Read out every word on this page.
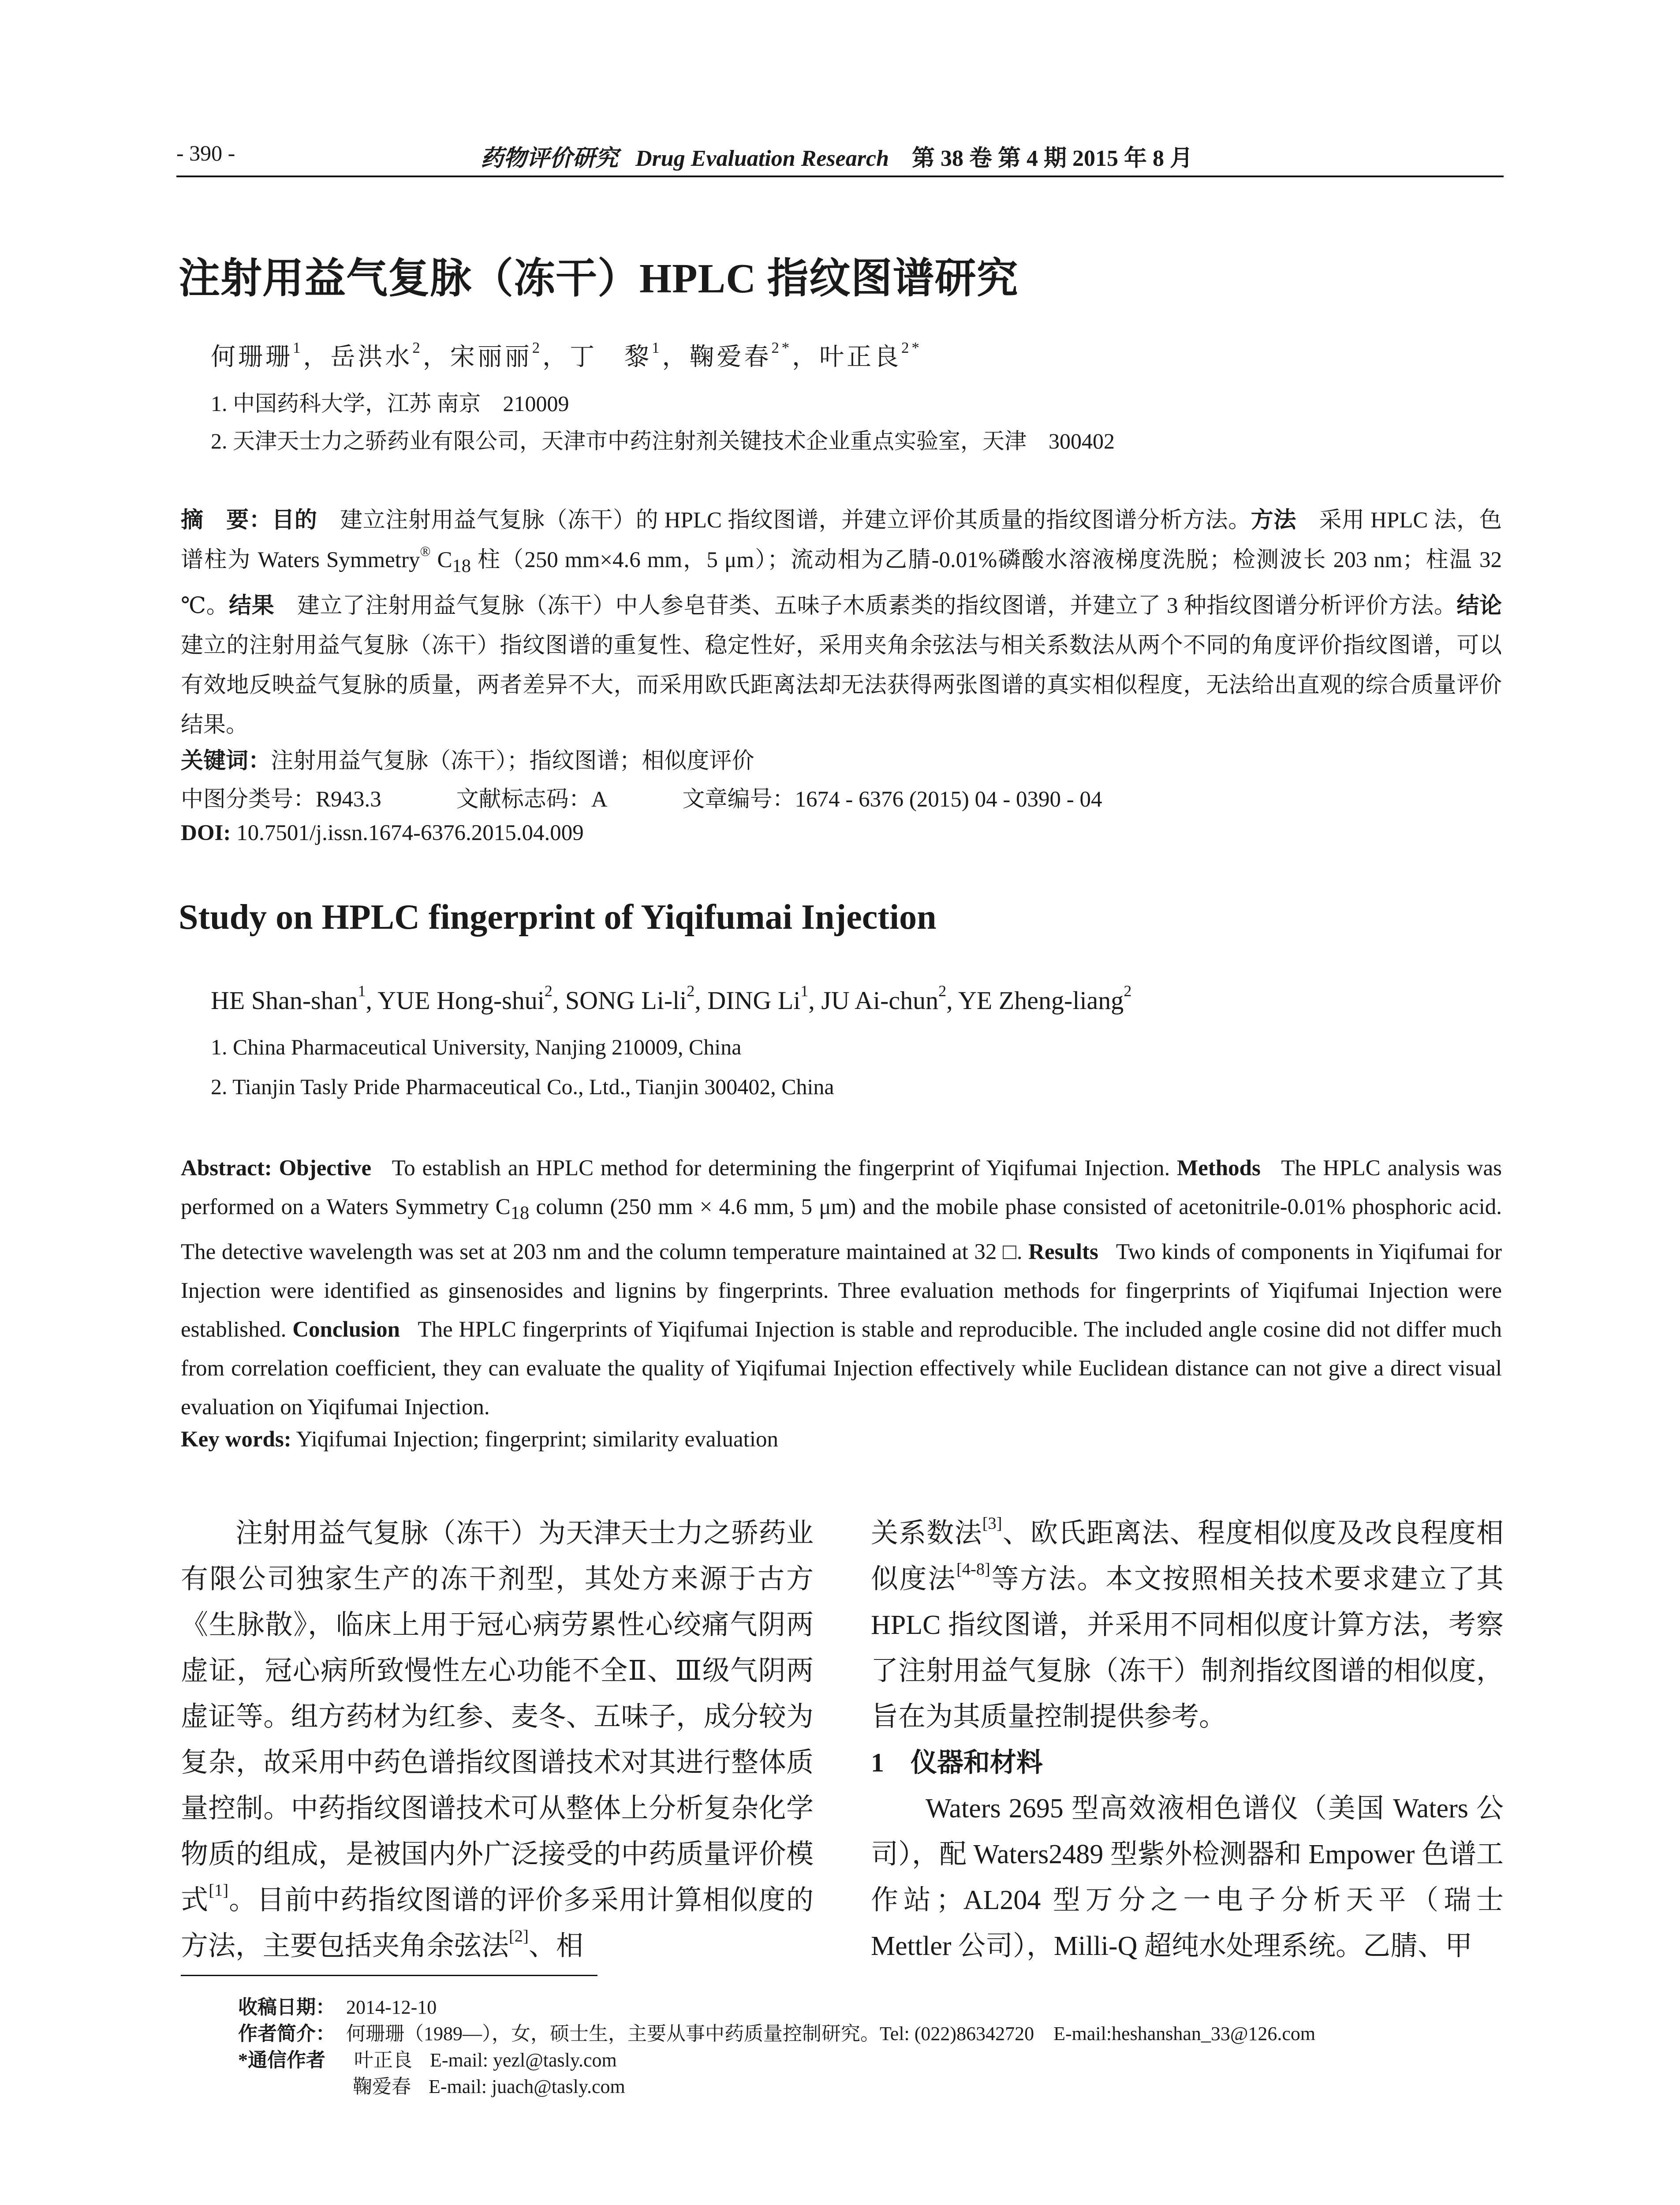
- 390 -	药物评价研究 Drug Evaluation Research 第 38 卷 第 4 期 2015 年 8 月
注射用益气复脉（冻干）HPLC 指纹图谱研究
何珊珊$^1$，岳洪水$^2$，宋丽丽$^2$，丁　黎$^1$，鞠爱春$^{2*}$，叶正良$^{2*}$
1. 中国药科大学，江苏 南京　210009
2. 天津天士力之骄药业有限公司，天津市中药注射剂关键技术企业重点实验室，天津　300402
摘　要：目的　 建立注射用益气复脉（冻干）的 HPLC 指纹图谱，并建立评价其质量的指纹图谱分析方法。方法　 采用 HPLC 法，色谱柱为 Waters Symmetry® $C_{18}$ 柱（250 mm×4.6 mm，5 μm）；流动相为乙腈-0.01%磷酸水溶液梯度洗脱；检测波长 203 nm；柱温 32 ℃。结果　 建立了注射用益气复脉（冻干）中人参皂苷类、五味子木质素类的指纹图谱，并建立了 3 种指纹图谱分析评价方法。结论　建立的注射用益气复脉（冻干）指纹图谱的重复性、稳定性好，采用夹角余弦法与相关系数法从两个不同的角度评价指纹图谱，可以有效地反映益气复脉的质量，两者差异不大，而采用欧氏距离法却无法获得两张图谱的真实相似程度，无法给出直观的综合质量评价结果。
关键词：注射用益气复脉（冻干）；指纹图谱；相似度评价
中图分类号：R943.3	文献标志码：A	文章编号：1674 - 6376 (2015) 04 - 0390 - 04
DOI: 10.7501/j.issn.1674-6376.2015.04.009
Study on HPLC fingerprint of Yiqifumai Injection
HE Shan-shan$^1$, YUE Hong-shui$^2$, SONG $Li-li^2$, DING Li$^1$, JU Ai-chun$^2$, YE Zheng-liang$^2$
1. China Pharmaceutical University, Nanjing 210009, China
2. Tianjin Tasly Pride Pharmaceutical Co., Ltd., Tianjin 300402, China
Abstract: Objective To establish an HPLC method for determining the fingerprint of Yiqifumai Injection. Methods The HPLC analysis was performed on a Waters Symmetry $C_{18}$ column (250 mm × 4.6 mm, 5 μm) and the mobile phase consisted of acetonitrile-0.01% phosphoric acid. The detective wavelength was set at 203 nm and the column temperature maintained at 32 □. Results Two kinds of components in Yiqifumai for Injection were identified as ginsenosides and lignins by fingerprints. Three evaluation methods for fingerprints of Yiqifumai Injection were established. Conclusion The HPLC fingerprints of Yiqifumai Injection is stable and reproducible. The included angle cosine did not differ much from correlation coefficient, they can evaluate the quality of Yiqifumai Injection effectively while Euclidean distance can not give a direct visual evaluation on Yiqifumai Injection.
Key words: Yiqifumai Injection; fingerprint; similarity evaluation

注射用益气复脉（冻干）为天津天士力之骄药业有限公司独家生产的冻干剂型，其处方来源于古方《生脉散》，临床上用于冠心病劳累性心绞痛气阴两虚证，冠心病所致慢性左心功能不全Ⅱ、Ⅲ级气阴两虚证等。组方药材为红参、麦冬、五味子，成分较为复杂，故采用中药色谱指纹图谱技术对其进行整体质量控制。中药指纹图谱技术可从整体上分析复杂化学物质的组成，是被国内外广泛接受的中药质量评价模式[1]。目前中药指纹图谱的评价多采用计算相似度的方法，主要包括夹角余弦法[2]、相

关系数法[3]、欧氏距离法、程度相似度及改良程度相似度法[4-8]等方法。本文按照相关技术要求建立了其 HPLC 指纹图谱，并采用不同相似度计算方法，考察了注射用益气复脉（冻干）制剂指纹图谱的相似度，旨在为其质量控制提供参考。

1 仪器和材料

Waters 2695 型高效液相色谱仪（美国 Waters 公司），配 Waters2489 型紫外检测器和 Empower 色谱工作站；AL204 型万分之一电子分析天平（瑞士 Mettler 公司），Milli-Q 超纯水处理系统。乙腈、甲

收稿日期： 2014-12-10
作者简介： 何珊珊（1989—），女，硕士生，主要从事中药质量控制研究。Tel: (022)86342720　E-mail:heshanshan_33@126.com
*通信作者 叶正良 E-mail: yezl@tasly.com
鞠爱春 E-mail: juach@tasly.com
